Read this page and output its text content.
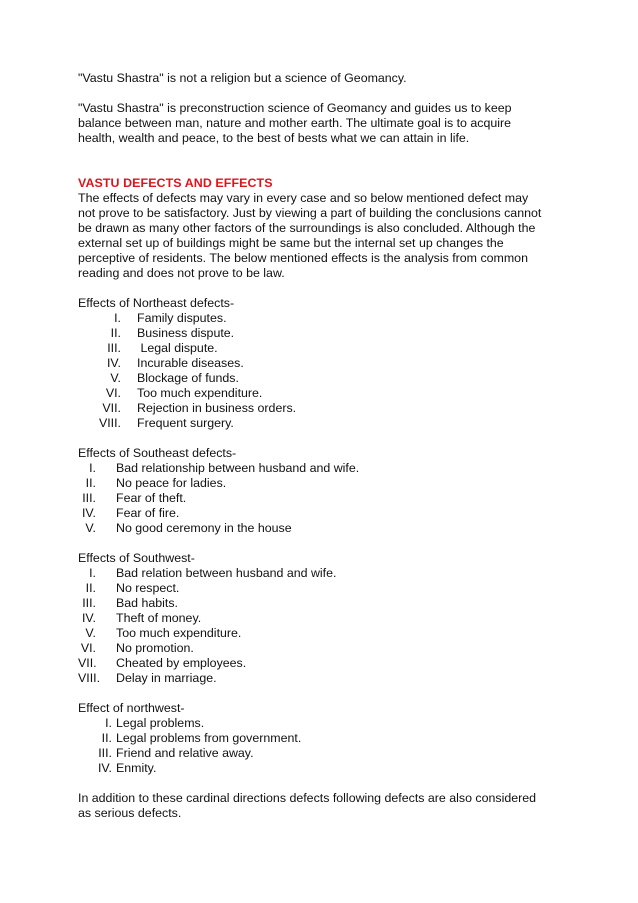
"Vastu Shastra" is not a religion but a science of Geomancy.

"Vastu Shastra" is preconstruction science of Geomancy and guides us to keep

balance between man, nature and mother earth. The ultimate goal is to acquire

health, wealth and peace, to the best of bests what we can attain in life.

VASTU DEFECTS AND EFFECTS

The effects of defects may vary in every case and so below mentioned defect may

not prove to be satisfactory. Just by viewing a part of building the conclusions cannot

be drawn as many other factors of the surroundings is also concluded. Although the

external set up of buildings might be same but the internal set up changes the

perceptive of residents. The below mentioned effects is the analysis from common

reading and does not prove to be law.

Effects of Northeast defects-

I. Family disputes.
II. Business dispute.
III. Legal dispute.
IV. Incurable diseases.
V. Blockage of funds.
VI. Too much expenditure.
VII. Rejection in business orders.
VIII. Frequent surgery.

Effects of Southeast defects-

I. Bad relationship between husband and wife.
II. No peace for ladies.
III. Fear of theft.
IV. Fear of fire.
V. No good ceremony in the house

Effects of Southwest-

I. Bad relation between husband and wife.
II. No respect.
III. Bad habits.
IV. Theft of money.
V. Too much expenditure.
VI. No promotion.
VII. Cheated by employees.
VIII. Delay in marriage.

Effect of northwest-

I. Legal problems.
II. Legal problems from government.
III. Friend and relative away.
IV. Enmity.

In addition to these cardinal directions defects following defects are also considered

as serious defects.
